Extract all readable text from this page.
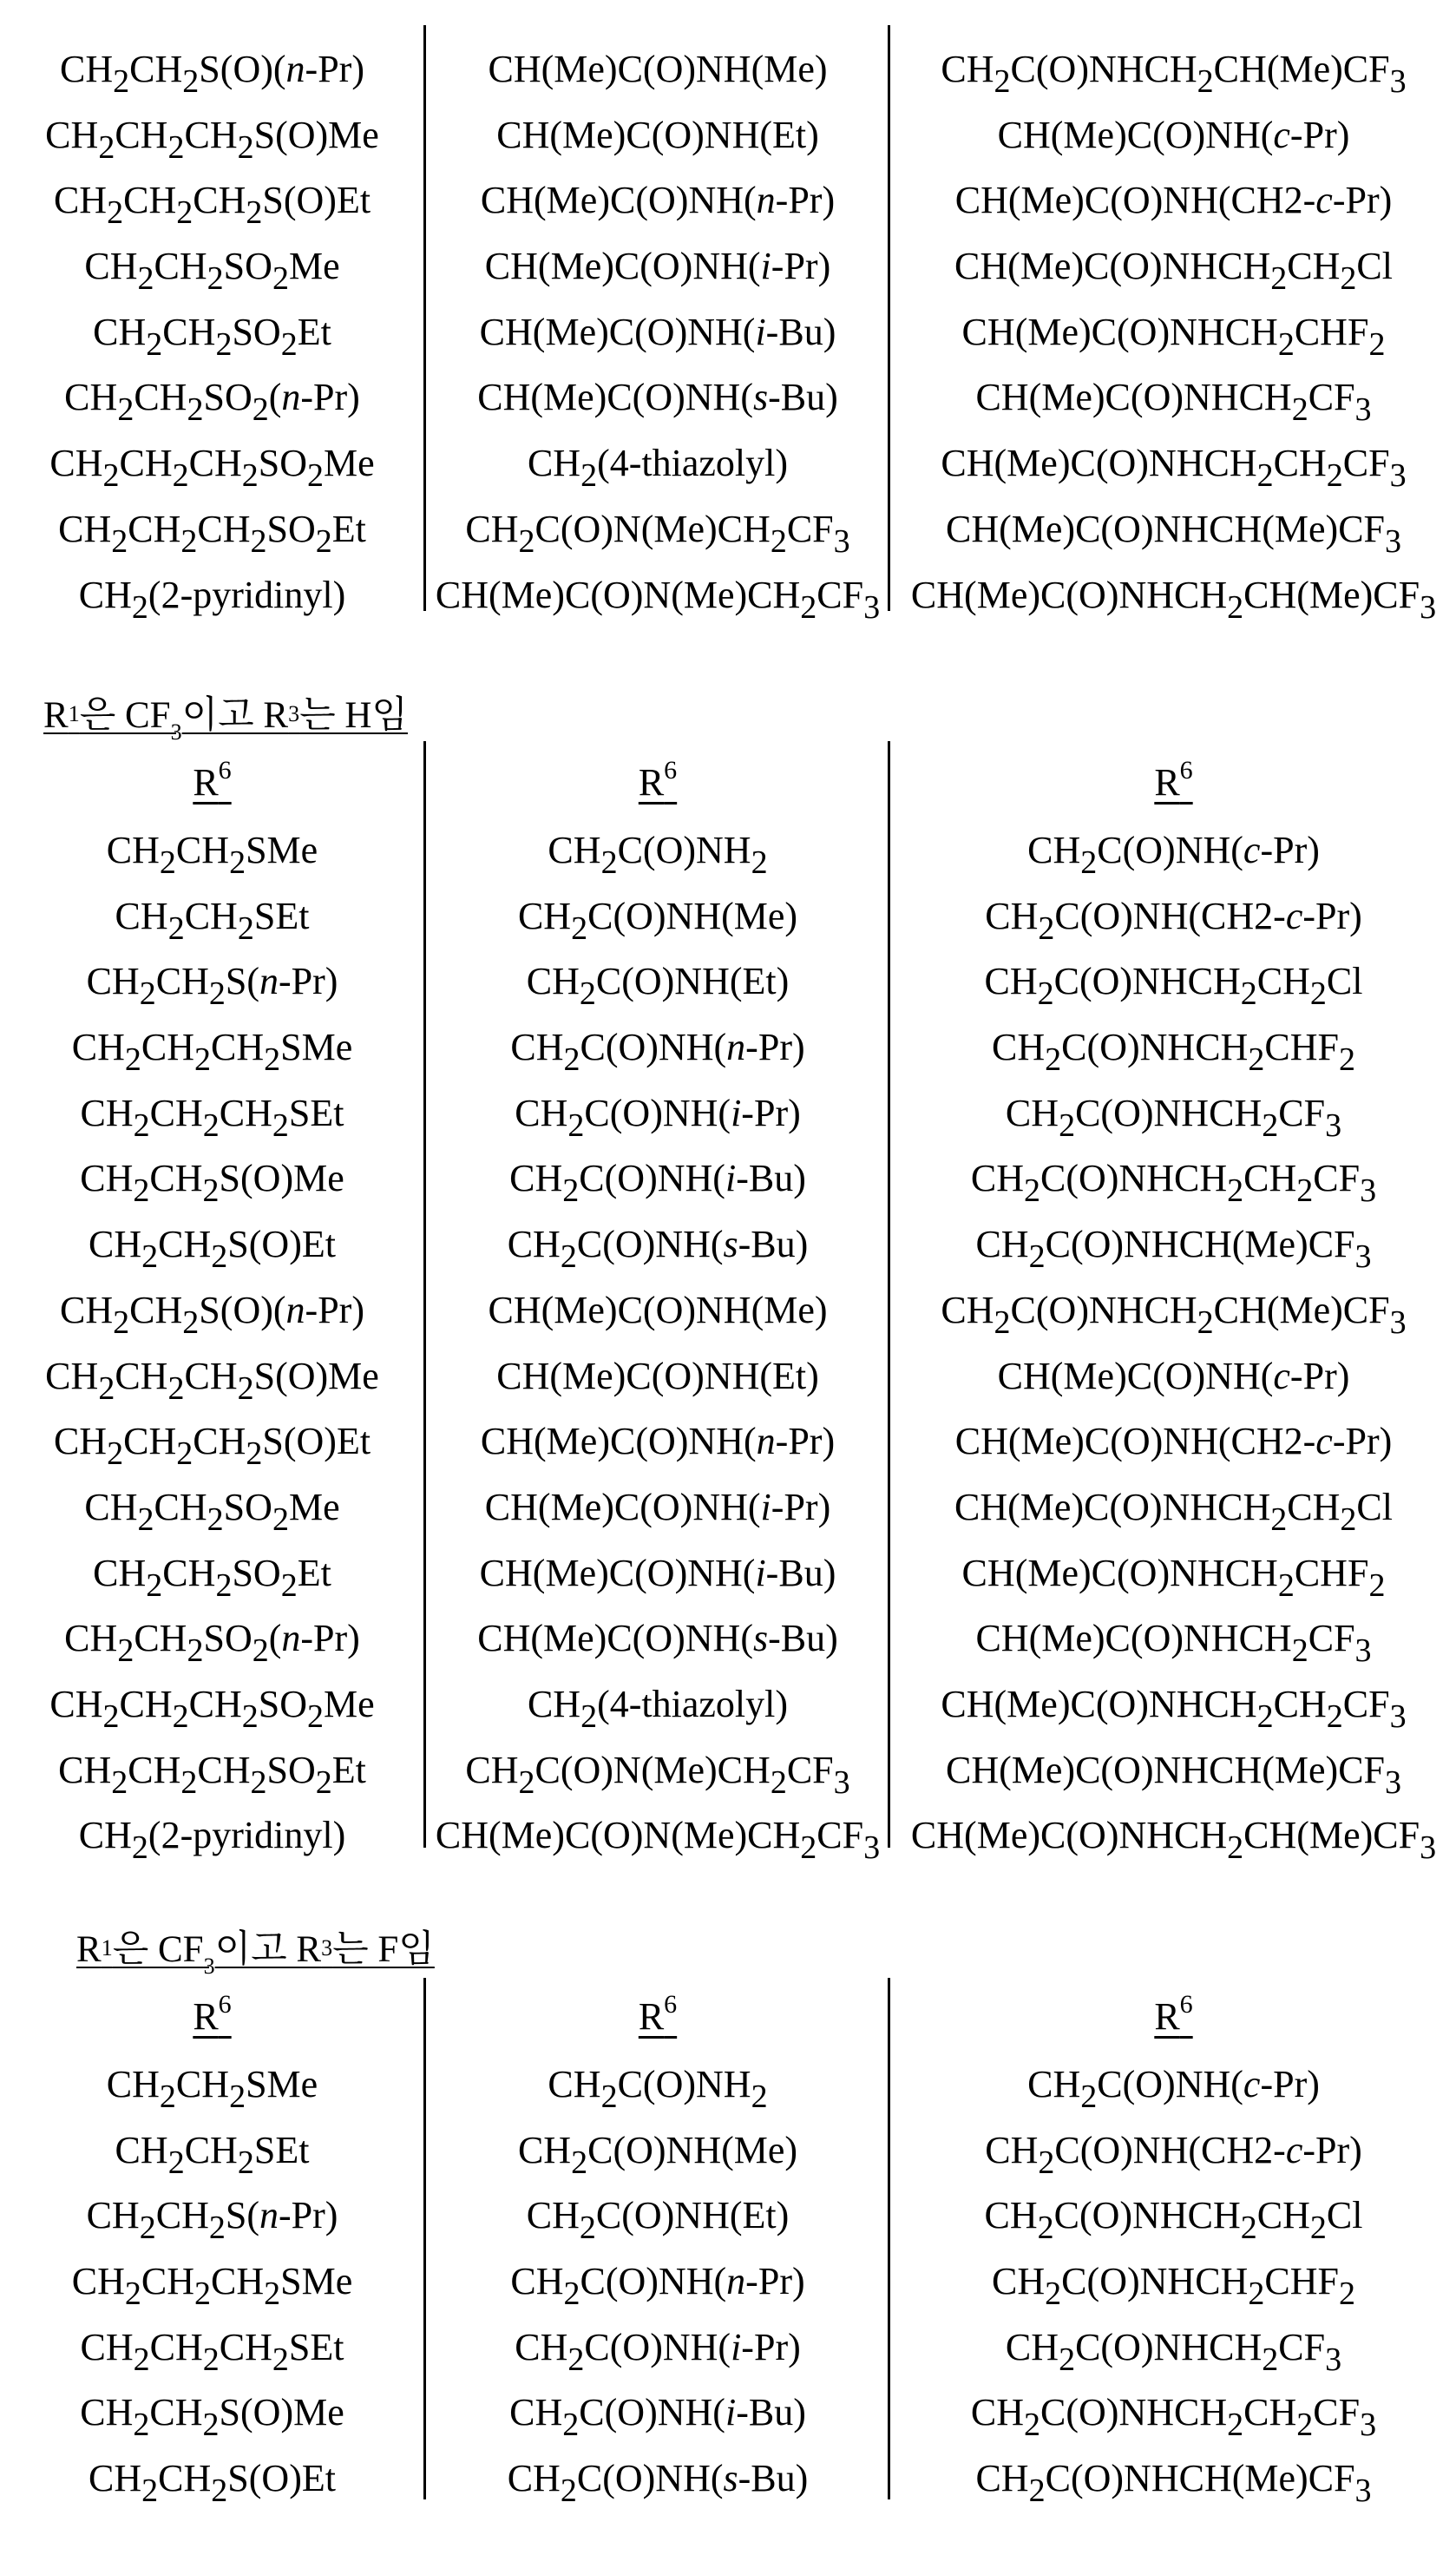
$CH_2CH_2S(O)(n-Pr)$
$CH_2CH_2CH_2S(O)Me$
$CH_2CH_2CH_2S(O)Et$
$CH_2CH_2SO_2Me$
$CH_2CH_2SO_2Et$
$CH_2CH_2SO_2(n-Pr)$
$CH_2CH_2CH_2SO_2Me$
$CH_2CH_2CH_2SO_2Et$
$CH_2(2-pyridinyl)$
CH(Me)C(O)NH(Me)
CH(Me)C(O)NH(Et)
CH(Me)C(O)NH(n-Pr)
CH(Me)C(O)NH(i-Pr)
CH(Me)C(O)NH(i-Bu)
CH(Me)C(O)NH(s-Bu)
$CH_2(4-thiazolyl)$
$CH_2C(O)N(Me)CH_2CF_3$
$CH(Me)C(O)N(Me)CH_2CF_3$
$CH_2C(O)NHCH_2CH(Me)CF_3$
CH(Me)C(O)NH(c-Pr)
CH(Me)C(O)NH(CH2-c-Pr)
$CH(Me)C(O)NHCH_2CH_2Cl$
$CH(Me)C(O)NHCH_2CHF_2$
$CH(Me)C(O)NHCH_2CF_3$
$CH(Me)C(O)NHCH_2CH_2CF_3$
$CH(Me)C(O)NHCH(Me)CF_3$
$CH(Me)C(O)NHCH_2CH(Me)CF_3$
$R^1$은 $CF_3$이고 $R^3$는 H임
$R^6$
$CH_2CH_2SMe$
$CH_2CH_2SEt$
$CH_2CH_2S(n-Pr)$
$CH_2CH_2CH_2SMe$
$CH_2CH_2CH_2SEt$
$CH_2CH_2S(O)Me$
$CH_2CH_2S(O)Et$
$CH_2CH_2S(O)(n-Pr)$
$CH_2CH_2CH_2S(O)Me$
$CH_2CH_2CH_2S(O)Et$
$CH_2CH_2SO_2Me$
$CH_2CH_2SO_2Et$
$CH_2CH_2SO_2(n-Pr)$
$CH_2CH_2CH_2SO_2Me$
$CH_2CH_2CH_2SO_2Et$
$CH_2(2-pyridinyl)$
$R^6$
$CH_2C(O)NH_2$
$CH_2C(O)NH(Me)$
$CH_2C(O)NH(Et)$
$CH_2C(O)NH(n-Pr)$
$CH_2C(O)NH(i-Pr)$
$CH_2C(O)NH(i-Bu)$
$CH_2C(O)NH(s-Bu)$
CH(Me)C(O)NH(Me)
CH(Me)C(O)NH(Et)
CH(Me)C(O)NH(n-Pr)
CH(Me)C(O)NH(i-Pr)
CH(Me)C(O)NH(i-Bu)
CH(Me)C(O)NH(s-Bu)
$CH_2(4-thiazolyl)$
$CH_2C(O)N(Me)CH_2CF_3$
$CH(Me)C(O)N(Me)CH_2CF_3$
$R^6$
$CH_2C(O)NH(c-Pr)$
$CH_2C(O)NH(CH2-c-Pr)$
$CH_2C(O)NHCH_2CH_2Cl$
$CH_2C(O)NHCH_2CHF_2$
$CH_2C(O)NHCH_2CF_3$
$CH_2C(O)NHCH_2CH_2CF_3$
$CH_2C(O)NHCH(Me)CF_3$
$CH_2C(O)NHCH_2CH(Me)CF_3$
CH(Me)C(O)NH(c-Pr)
CH(Me)C(O)NH(CH2-c-Pr)
$CH(Me)C(O)NHCH_2CH_2Cl$
$CH(Me)C(O)NHCH_2CHF_2$
$CH(Me)C(O)NHCH_2CF_3$
$CH(Me)C(O)NHCH_2CH_2CF_3$
$CH(Me)C(O)NHCH(Me)CF_3$
$CH(Me)C(O)NHCH_2CH(Me)CF_3$
$R^1$은 $CF_3$이고 $R^3$는 F임
$R^6$
$CH_2CH_2SMe$
$CH_2CH_2SEt$
$CH_2CH_2S(n-Pr)$
$CH_2CH_2CH_2SMe$
$CH_2CH_2CH_2SEt$
$CH_2CH_2S(O)Me$
$CH_2CH_2S(O)Et$
$R^6$
$CH_2C(O)NH_2$
$CH_2C(O)NH(Me)$
$CH_2C(O)NH(Et)$
$CH_2C(O)NH(n-Pr)$
$CH_2C(O)NH(i-Pr)$
$CH_2C(O)NH(i-Bu)$
$CH_2C(O)NH(s-Bu)$
$R^6$
$CH_2C(O)NH(c-Pr)$
$CH_2C(O)NH(CH2-c-Pr)$
$CH_2C(O)NHCH_2CH_2Cl$
$CH_2C(O)NHCH_2CHF_2$
$CH_2C(O)NHCH_2CF_3$
$CH_2C(O)NHCH_2CH_2CF_3$
$CH_2C(O)NHCH(Me)CF_3$
